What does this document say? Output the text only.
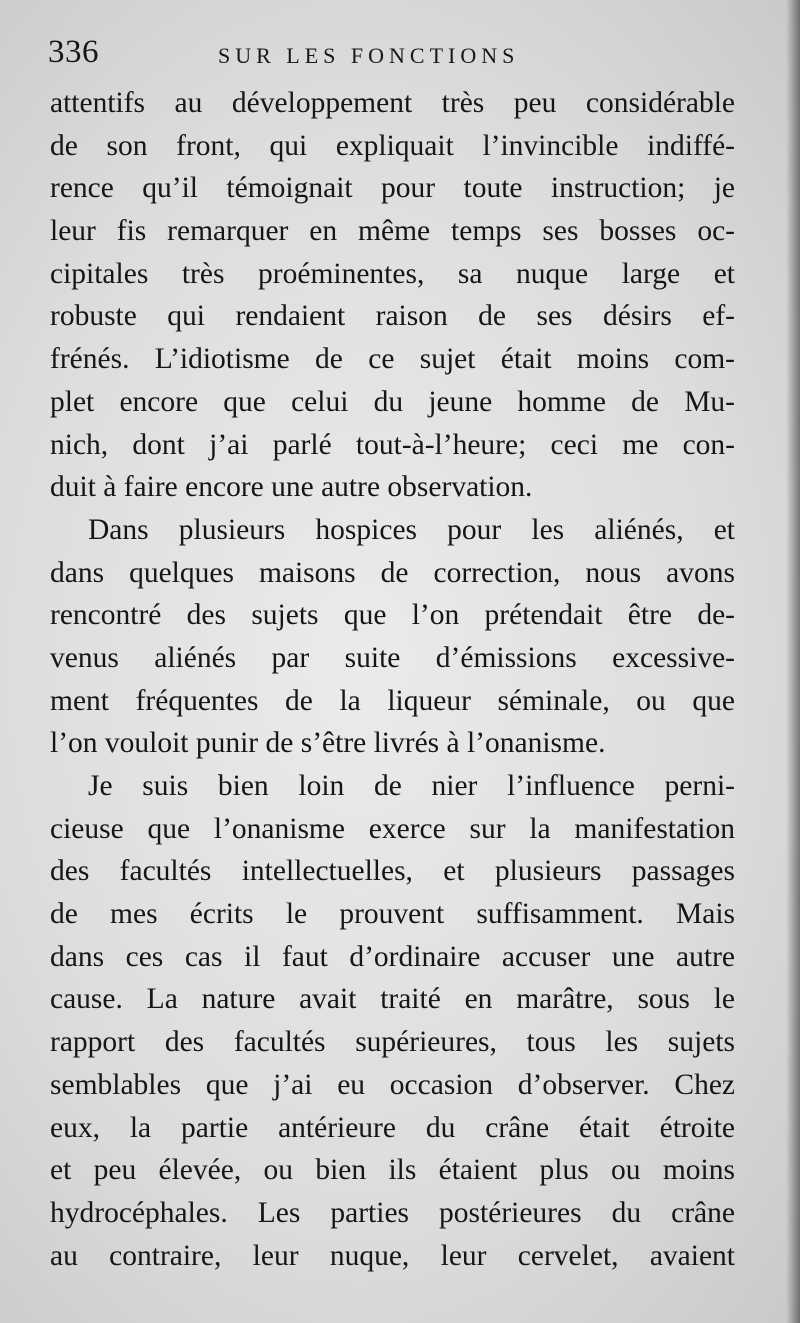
336	SUR LES FONCTIONS
attentifs au développement très peu considérable
de son front, qui expliquait l’invincible indiffé-
rence qu’il témoignait pour toute instruction; je
leur fis remarquer en même temps ses bosses oc-
cipitales très proéminentes, sa nuque large et
robuste qui rendaient raison de ses désirs ef-
frénés. L’idiotisme de ce sujet était moins com-
plet encore que celui du jeune homme de Mu-
nich, dont j’ai parlé tout-à-l’heure; ceci me con-
duit à faire encore une autre observation.
Dans plusieurs hospices pour les aliénés, et
dans quelques maisons de correction, nous avons
rencontré des sujets que l’on prétendait être de-
venus aliénés par suite d’émissions excessive-
ment fréquentes de la liqueur séminale, ou que
l’on vouloit punir de s’être livrés à l’onanisme.
Je suis bien loin de nier l’influence perni-
cieuse que l’onanisme exerce sur la manifestation
des facultés intellectuelles, et plusieurs passages
de mes écrits le prouvent suffisamment. Mais
dans ces cas il faut d’ordinaire accuser une autre
cause. La nature avait traité en marâtre, sous le
rapport des facultés supérieures, tous les sujets
semblables que j’ai eu occasion d’observer. Chez
eux, la partie antérieure du crâne était étroite
et peu élevée, ou bien ils étaient plus ou moins
hydrocéphales. Les parties postérieures du crâne
au contraire, leur nuque, leur cervelet, avaient
